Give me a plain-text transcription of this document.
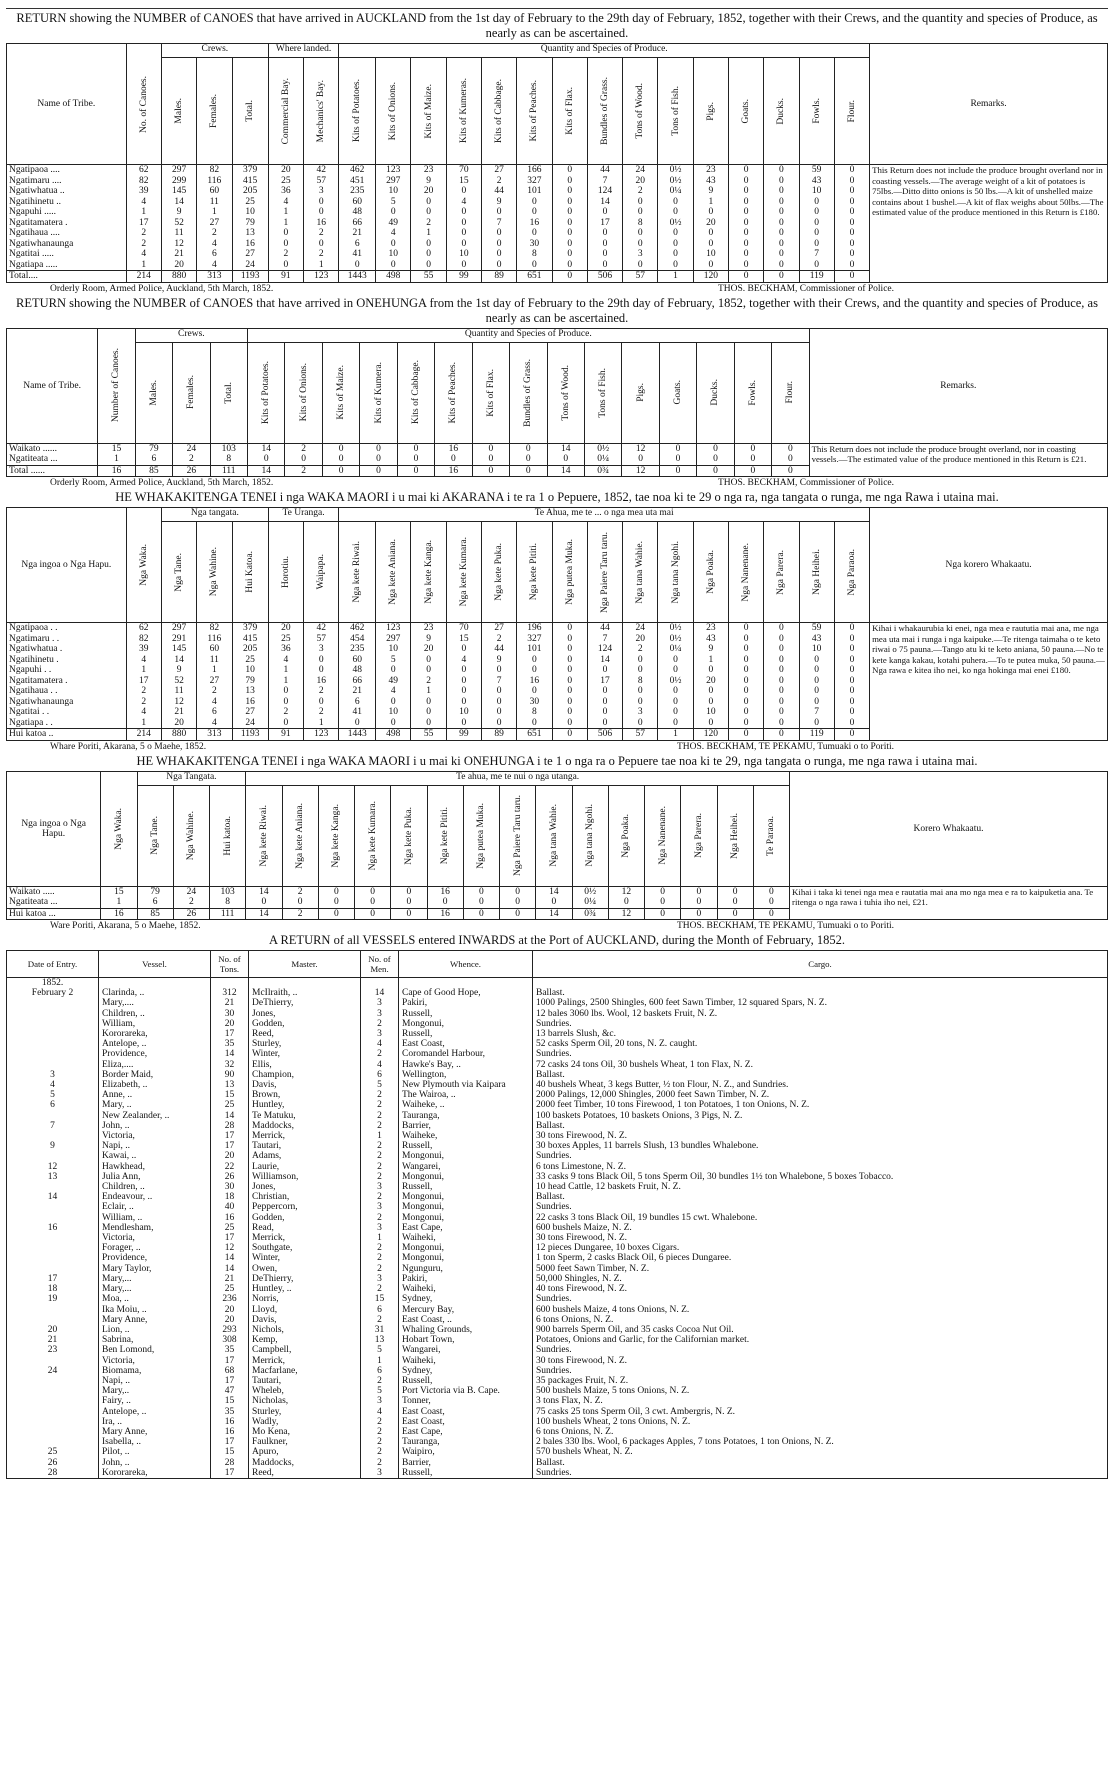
RETURN showing the NUMBER of CANOES that have arrived in AUCKLAND from the 1st day of February to the 29th day of February, 1852, together with their Crews, and the quantity and species of Produce, as nearly as can be ascertained.
Name of Tribe.	No. of Canoes.	Crews.			Where landed.		Quantity and Species of Produce.															Remarks.

		Males.	Females.	Total.	Commercial Bay.	Mechanics' Bay.	Kits of Potatoes.	Kits of Onions.	Kits of Maize.	Kits of Kumeras.	Kits of Cabbage.	Kits of Peaches.	Kits of Flax.	Bundles of Grass.	Tons of Wood.	Tons of Fish.	Pigs.	Goats.	Ducks.	Fowls.	Flour.	

Ngatipaoa ....	62	297	82	379	20	42	462	123	23	70	27	166	0	44	24	0½	23	0	0	59	0	This Return does not include the produce brought overland nor in coasting vessels.—The average weight of a kit of potatoes is 75lbs.—Ditto ditto onions is 50 lbs.—A kit of unshelled maize contains about 1 bushel.—A kit of flax weighs about 50lbs.—The estimated value of the produce mentioned in this Return is £180.
Ngatimaru ....	82	299	116	415	25	57	451	297	9	15	2	327	0	7	20	0½	43	0	0	43	0	
Ngatiwhatua ..	39	145	60	205	36	3	235	10	20	0	44	101	0	124	2	0¼	9	0	0	10	0	
Ngatihinetu ..	4	14	11	25	4	0	60	5	0	4	9	0	0	14	0	0	1	0	0	0	0	
Ngapuhi .....	1	9	1	10	1	0	48	0	0	0	0	0	0	0	0	0	0	0	0	0	0	
Ngatitamatera .	17	52	27	79	1	16	66	49	2	0	7	16	0	17	8	0½	20	0	0	0	0	
Ngatihaua ....	2	11	2	13	0	2	21	4	1	0	0	0	0	0	0	0	0	0	0	0	0	
Ngatiwhanaunga	2	12	4	16	0	0	6	0	0	0	0	30	0	0	0	0	0	0	0	0	0	
Ngatitai .....	4	21	6	27	2	2	41	10	0	10	0	8	0	0	3	0	10	0	0	7	0	
Ngatiapa .....	1	20	4	24	0	1	0	0	0	0	0	0	0	0	0	0	0	0	0	0	0	
Total....	214	880	313	1193	91	123	1443	498	55	99	89	651	0	506	57	1	120	0	0	119	0	
Orderly Room, Armed Police, Auckland, 5th March, 1852.	THOS. BECKHAM, Commissioner of Police.
RETURN showing the NUMBER of CANOES that have arrived in ONEHUNGA from the 1st day of February to the 29th day of February, 1852, together with their Crews, and the quantity and species of Produce, as nearly as can be ascertained.
Name of Tribe.	Number of Canoes.	Crews.			Quantity and Species of Produce.															Remarks.

		Males.	Females.	Total.	Kits of Potatoes.	Kits of Onions.	Kits of Maize.	Kits of Kumera.	Kits of Cabbage.	Kits of Peaches.	Kits of Flax.	Bundles of Grass.	Tons of Wood.	Tons of Fish.	Pigs.	Goats.	Ducks.	Fowls.	Flour.	

Waikato ......	15	79	24	103	14	2	0	0	0	16	0	0	14	0½	12	0	0	0	0	This Return does not include the produce brought overland, nor in coasting vessels.—The estimated value of the produce mentioned in this Return is £21.
Ngatiteata ...	1	6	2	8	0	0	0	0	0	0	0	0	0	0¼	0	0	0	0	0	
Total ......	16	85	26	111	14	2	0	0	0	16	0	0	14	0¾	12	0	0	0	0	
Orderly Room, Armed Police, Auckland, 5th March, 1852.	THOS. BECKHAM, Commissioner of Police.
HE WHAKAKITENGA TENEI i nga WAKA MAORI i u mai ki AKARANA i te ra 1 o Pepuere, 1852, tae noa ki te 29 o nga ra, nga tangata o runga, me nga Rawa i utaina mai.
Nga ingoa o Nga Hapu.	Nga Waka.	Nga tangata.			Te Uranga.		Te Ahua, me te ... o nga mea uta mai															Nga korero Whakaatu.

		Nga Tane.	Nga Wahine.	Hui Katoa.	Horotiu.	Waipapa.	Nga kete Riwai.	Nga kete Aniana.	Nga kete Kanga.	Nga kete Kumara.	Nga kete Puka.	Nga kete Pititi.	Nga putea Muka.	Nga Paiere Taru taru.	Nga tana Wahie.	Nga tana Ngohi.	Nga Poaka.	Nga Nanenane.	Nga Parera.	Nga Heihei.	Nga Paraoa.	

Ngatipaoa . .	62	297	82	379	20	42	462	123	23	70	27	196	0	44	24	0½	23	0	0	59	0	Kihai i whakaurubia ki enei, nga mea e raututia mai ana, me nga mea uta mai i runga i nga kaipuke.—Te ritenga taimaha o te keto riwai o 75 pauna.—Tango atu ki te keto aniana, 50 pauna.—No te kete kanga kakau, kotahi puhera.—To te putea muka, 50 pauna.—Nga rawa e kitea iho nei, ko nga hokinga mai enei £180.
Ngatimaru . .	82	291	116	415	25	57	454	297	9	15	2	327	0	7	20	0½	43	0	0	43	0	
Ngatiwhatua .	39	145	60	205	36	3	235	10	20	0	44	101	0	124	2	0¼	9	0	0	10	0	
Ngatihinetu .	4	14	11	25	4	0	60	5	0	4	9	0	0	14	0	0	1	0	0	0	0	
Ngapuhi . .	1	9	1	10	1	0	48	0	0	0	0	0	0	0	0	0	0	0	0	0	0	
Ngatitamatera .	17	52	27	79	1	16	66	49	2	0	7	16	0	17	8	0½	20	0	0	0	0	
Ngatihaua . .	2	11	2	13	0	2	21	4	1	0	0	0	0	0	0	0	0	0	0	0	0	
Ngatiwhanaunga	2	12	4	16	0	0	6	0	0	0	0	30	0	0	0	0	0	0	0	0	0	
Ngatitai . .	4	21	6	27	2	2	41	10	0	10	0	8	0	0	3	0	10	0	0	7	0	
Ngatiapa . .	1	20	4	24	0	1	0	0	0	0	0	0	0	0	0	0	0	0	0	0	0	
Hui katoa ..	214	880	313	1193	91	123	1443	498	55	99	89	651	0	506	57	1	120	0	0	119	0	
Whare Poriti, Akarana, 5 o Maehe, 1852.	THOS. BECKHAM, TE PEKAMU, Tumuaki o to Poriti.
HE WHAKAKITENGA TENEI i nga WAKA MAORI i u mai ki ONEHUNGA i te 1 o nga ra o Pepuere tae noa ki te 29, nga tangata o runga, me nga rawa i utaina mai.
Nga ingoa o Nga Hapu.	Nga Waka.	Nga Tangata.			Te ahua, me te nui o nga utanga.															Korero Whakaatu.

		Nga Tane.	Nga Wahine.	Hui katoa.	Nga kete Riwai.	Nga kete Aniana.	Nga kete Kanga.	Nga kete Kumara.	Nga kete Puka.	Nga kete Pititi.	Nga putea Muka.	Nga Paiere Taru taru.	Nga tana Wahie.	Nga tana Ngohi.	Nga Poaka.	Nga Nanenane.	Nga Parera.	Nga Heihei.	Te Paraoa.	

Waikato .....	15	79	24	103	14	2	0	0	0	16	0	0	14	0½	12	0	0	0	0	Kihai i taka ki tenei nga mea e rautatia mai ana mo nga mea e ra to kaipuketia ana. Te ritenga o nga rawa i tuhia iho nei, £21.
Ngatiteata ...	1	6	2	8	0	0	0	0	0	0	0	0	0	0¼	0	0	0	0	0	
Hui katoa ...	16	85	26	111	14	2	0	0	0	16	0	0	14	0¾	12	0	0	0	0	
Ware Poriti, Akarana, 5 o Maehe, 1852.	THOS. BECKHAM, TE PEKAMU, Tumuaki o to Poriti.
A RETURN of all VESSELS entered INWARDS at the Port of AUCKLAND, during the Month of February, 1852.
Date of Entry.	Vessel.	No. of Tons.	Master.	No. of Men.	Whence.	Cargo.
1852.						
February 2	Clarinda, ..	312	McIlraith, ..	14	Cape of Good Hope,	Ballast.
	Mary,....	21	DeThierry,	3	Pakiri,	1000 Palings, 2500 Shingles, 600 feet Sawn Timber, 12 squared Spars, N. Z.
	Children, ..	30	Jones,	3	Russell,	12 bales 3060 lbs. Wool, 12 baskets Fruit, N. Z.
	William,	20	Godden,	2	Mongonui,	Sundries.
	Kororareka,	17	Reed,	3	Russell,	13 barrels Slush, &c.
	Antelope, ..	35	Sturley,	4	East Coast,	52 casks Sperm Oil, 20 tons, N. Z. caught.
	Providence,	14	Winter,	2	Coromandel Harbour,	Sundries.
	Eliza,....	32	Ellis,	4	Hawke's Bay, ..	72 casks 24 tons Oil, 30 bushels Wheat, 1 ton Flax, N. Z.
3	Border Maid,	90	Champion,	6	Wellington,	Ballast.
4	Elizabeth, ..	13	Davis,	5	New Plymouth via Kaipara	40 bushels Wheat, 3 kegs Butter, ½ ton Flour, N. Z., and Sundries.
5	Anne, ..	15	Brown,	2	The Wairoa, ..	2000 Palings, 12,000 Shingles, 2000 feet Sawn Timber, N. Z.
6	Mary, ..	25	Huntley,	2	Waiheke, ..	2000 feet Timber, 10 tons Firewood, 1 ton Potatoes, 1 ton Onions, N. Z.
	New Zealander, ..	14	Te Matuku,	2	Tauranga,	100 baskets Potatoes, 10 baskets Onions, 3 Pigs, N. Z.
7	John, ..	28	Maddocks,	2	Barrier,	Ballast.
	Victoria,	17	Merrick,	1	Waiheke,	30 tons Firewood, N. Z.
9	Napi, ..	17	Tautari,	2	Russell,	30 boxes Apples, 11 barrels Slush, 13 bundles Whalebone.
	Kawai, ..	20	Adams,	2	Mongonui,	Sundries.
12	Hawkhead,	22	Laurie,	2	Wangarei,	6 tons Limestone, N. Z.
13	Julia Ann,	26	Williamson,	2	Mongonui,	33 casks 9 tons Black Oil, 5 tons Sperm Oil, 30 bundles 1½ ton Whalebone, 5 boxes Tobacco.
	Children, ..	30	Jones,	3	Russell,	10 head Cattle, 12 baskets Fruit, N. Z.
14	Endeavour, ..	18	Christian,	2	Mongonui,	Ballast.
	Eclair, ..	40	Peppercorn,	3	Mongonui,	Sundries.
	William, ..	16	Godden,	2	Mongonui,	22 casks 3 tons Black Oil, 19 bundles 15 cwt. Whalebone.
16	Mendlesham,	25	Read,	3	East Cape,	600 bushels Maize, N. Z.
	Victoria,	17	Merrick,	1	Waiheki,	30 tons Firewood, N. Z.
	Forager, ..	12	Southgate,	2	Mongonui,	12 pieces Dungaree, 10 boxes Cigars.
	Providence,	14	Winter,	2	Mongonui,	1 ton Sperm, 2 casks Black Oil, 6 pieces Dungaree.
	Mary Taylor,	14	Owen,	2	Ngunguru,	5000 feet Sawn Timber, N. Z.
17	Mary,...	21	DeThierry,	3	Pakiri,	50,000 Shingles, N. Z.
18	Mary,...	25	Huntley, ..	2	Waiheki,	40 tons Firewood, N. Z.
19	Moa, ..	236	Norris,	15	Sydney,	Sundries.
	Ika Moiu, ..	20	Lloyd,	6	Mercury Bay,	600 bushels Maize, 4 tons Onions, N. Z.
	Mary Anne,	20	Davis,	2	East Coast, ..	6 tons Onions, N. Z.
20	Lion, ..	293	Nichols,	31	Whaling Grounds,	900 barrels Sperm Oil, and 35 casks Cocoa Nut Oil.
21	Sabrina,	308	Kemp,	13	Hobart Town,	Potatoes, Onions and Garlic, for the Californian market.
23	Ben Lomond,	35	Campbell,	5	Wangarei,	Sundries.
	Victoria,	17	Merrick,	1	Waiheki,	30 tons Firewood, N. Z.
24	Biomama,	68	Macfarlane,	6	Sydney,	Sundries.
	Napi, ..	17	Tautari,	2	Russell,	35 packages Fruit, N. Z.
	Mary,..	47	Wheleb,	5	Port Victoria via B. Cape.	500 bushels Maize, 5 tons Onions, N. Z.
	Fairy, ..	15	Nicholas,	3	Tonner,	3 tons Flax, N. Z.
	Antelope, ..	35	Sturley,	4	East Coast,	75 casks 25 tons Sperm Oil, 3 cwt. Ambergris, N. Z.
	Ira, ..	16	Wadly,	2	East Coast,	100 bushels Wheat, 2 tons Onions, N. Z.
	Mary Anne,	16	Mo Kena,	2	East Cape,	6 tons Onions, N. Z.
	Isabella, ..	17	Faulkner,	2	Tauranga,	2 bales 330 lbs. Wool, 6 packages Apples, 7 tons Potatoes, 1 ton Onions, N. Z.
25	Pilot, ..	15	Apuro,	2	Waipiro,	570 bushels Wheat, N. Z.
26	John, ..	28	Maddocks,	2	Barrier,	Ballast.
28	Kororareka,	17	Reed,	3	Russell,	Sundries.
